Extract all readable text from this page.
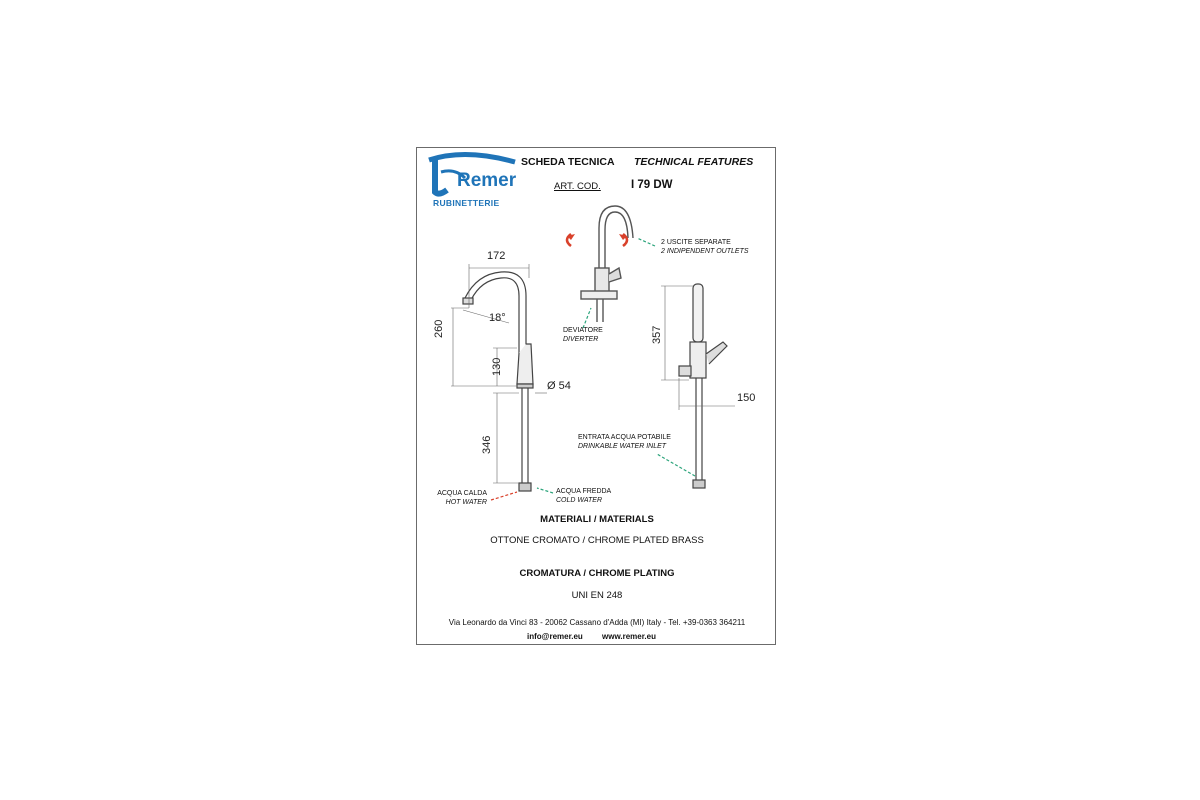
Remer
RUBINETTERIE
SCHEDA TECNICA TECHNICAL FEATURES
ART. COD.	I 79 DW
172
18°
260
130
Ø 54
346
357
150
2 USCITE SEPARATE
2 INDIPENDENT OUTLETS
DEVIATORE
DIVERTER
ENTRATA ACQUA POTABILE
DRINKABLE WATER INLET
ACQUA CALDA
HOT WATER
ACQUA FREDDA
COLD WATER
MATERIALI / MATERIALS
OTTONE CROMATO / CHROME PLATED BRASS
CROMATURA / CHROME PLATING
UNI EN 248
Via Leonardo da Vinci 83 - 20062 Cassano d'Adda (MI) Italy - Tel. +39-0363 364211
info@remer.eu www.remer.eu
